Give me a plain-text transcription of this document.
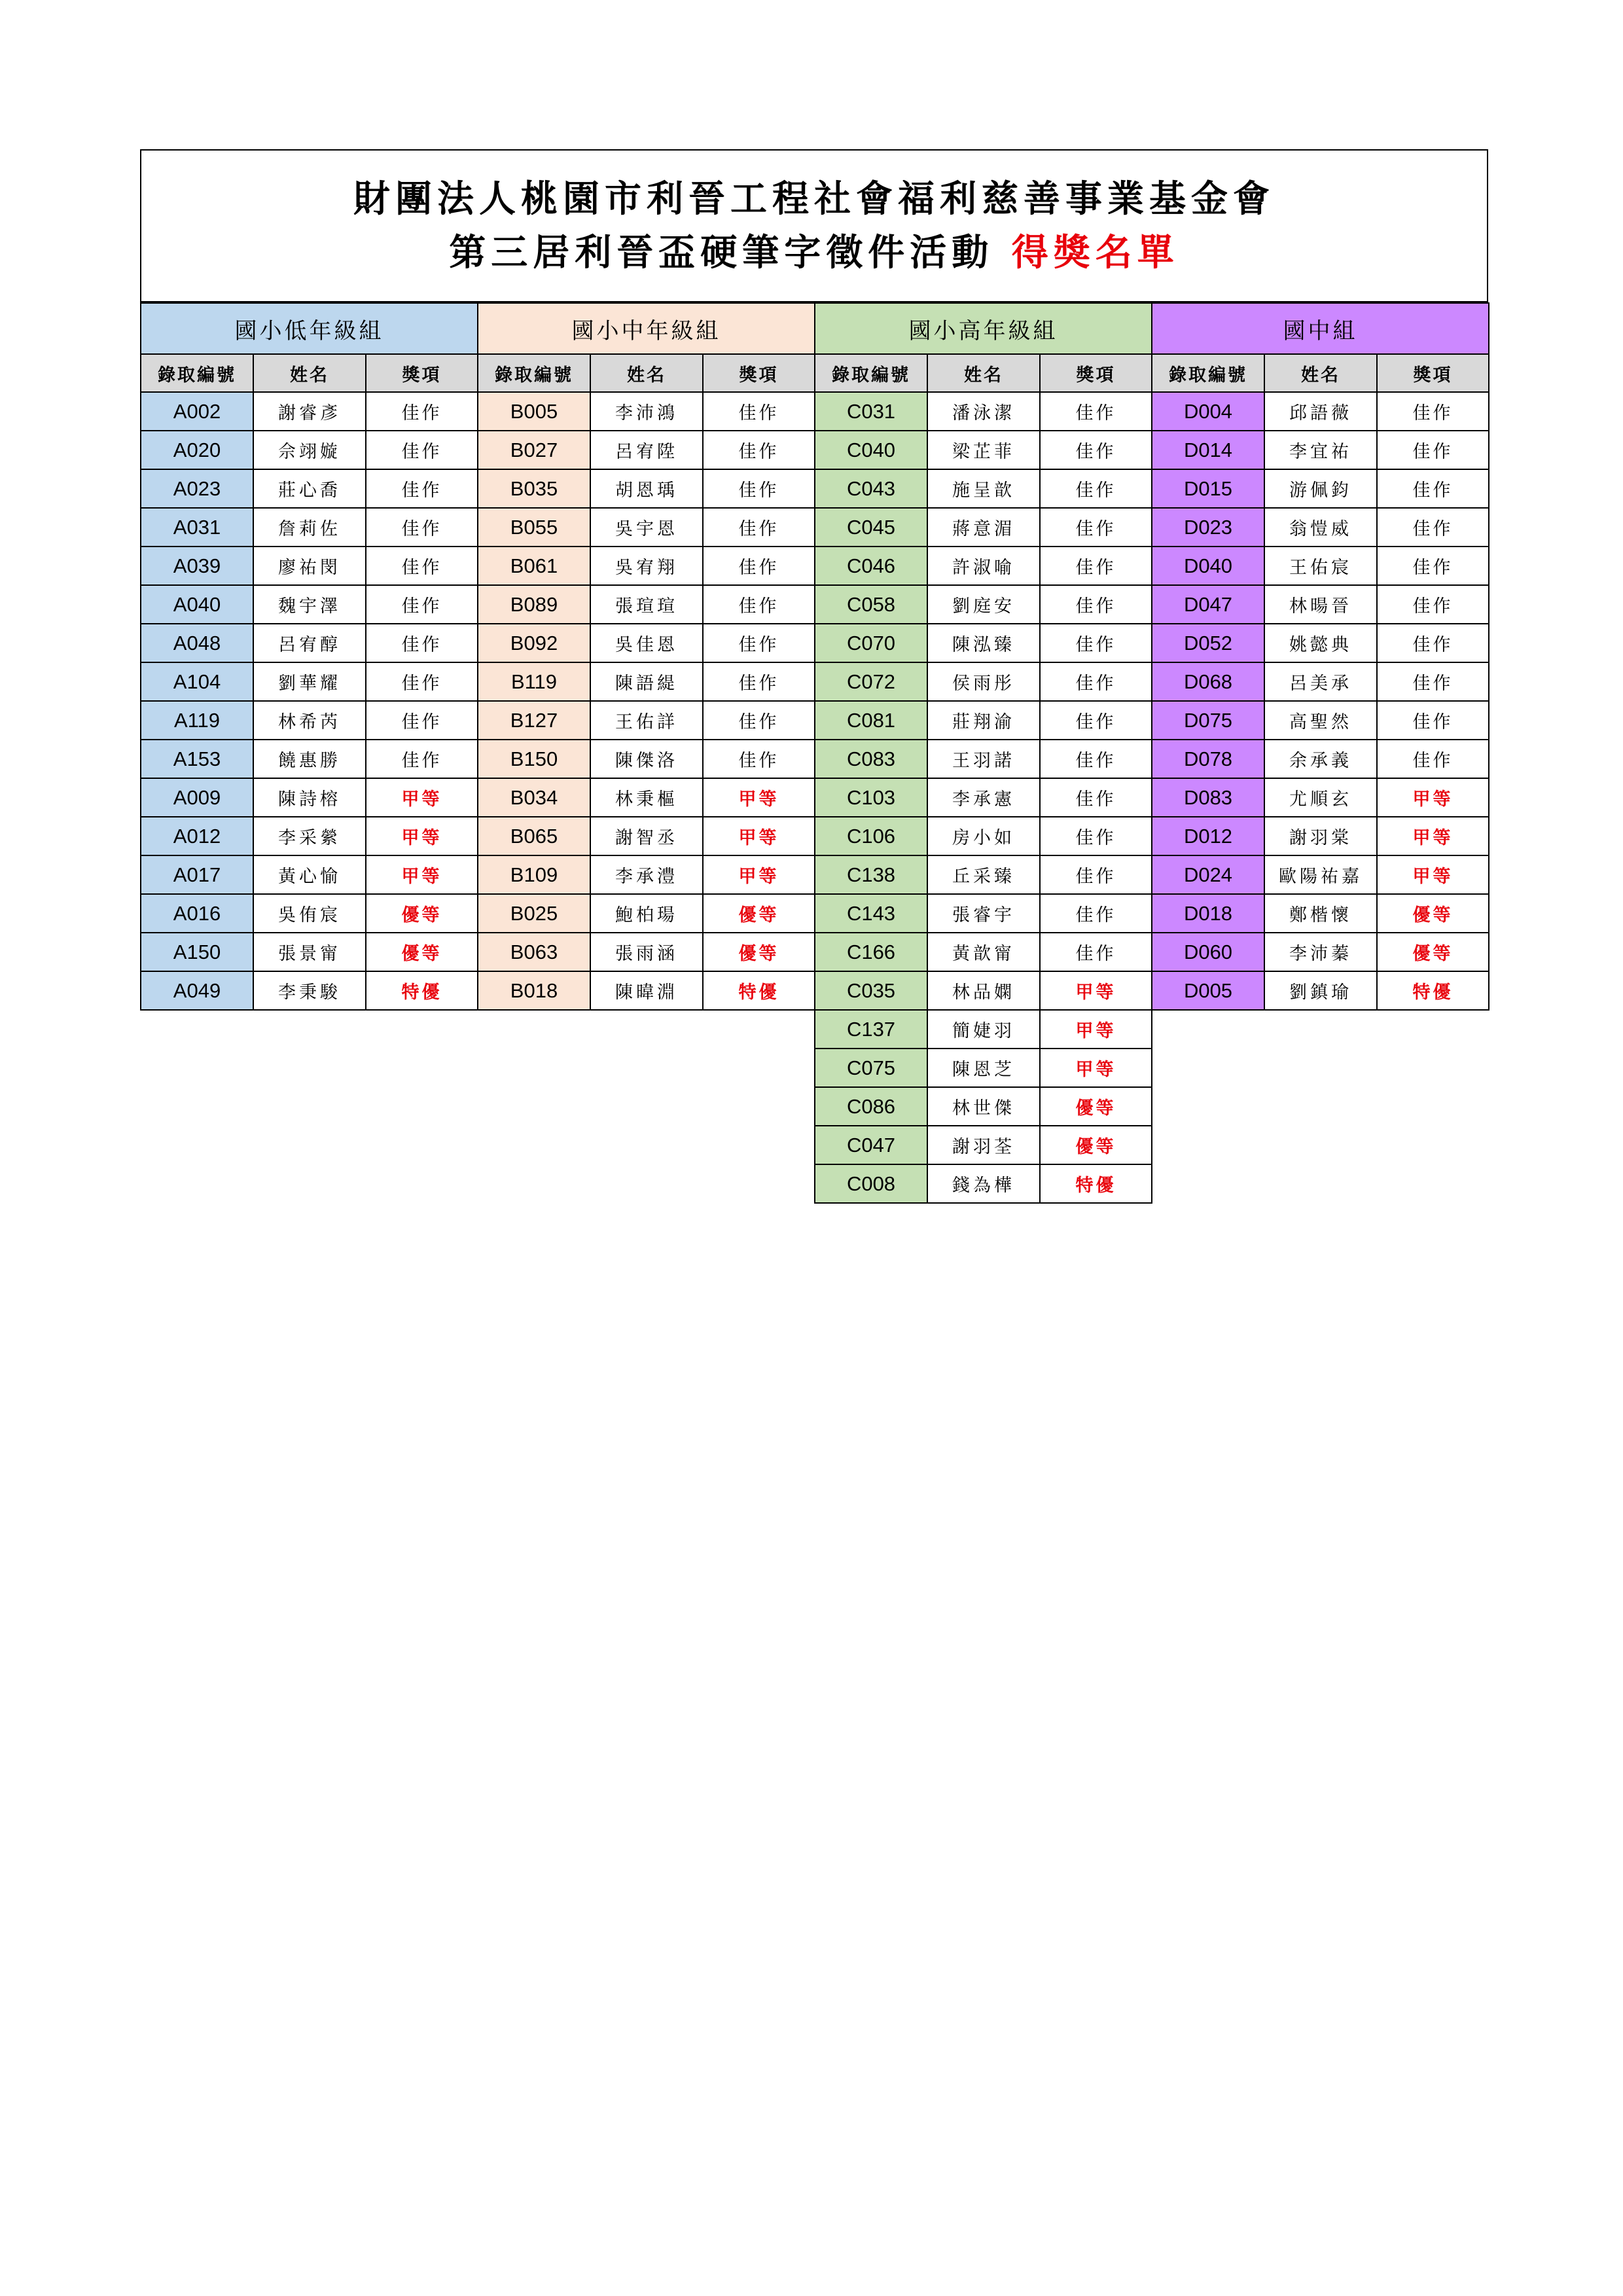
財團法人桃園市利晉工程社會福利慈善事業基金會
第三居利晉盃硬筆字徵件活動 得獎名單
國小低年級組		
錄取編號	姓名	獎項
A002	謝睿彥	佳作
A020	佘翊嫙	佳作
A023	莊心喬	佳作
A031	詹莉佐	佳作
A039	廖祐閔	佳作
A040	魏宇澤	佳作
A048	呂宥醇	佳作
A104	劉華耀	佳作
A119	林希芮	佳作
A153	饒惠勝	佳作
A009	陳詩榕	甲等
A012	李采縈	甲等
A017	黃心愉	甲等
A016	吳侑宸	優等
A150	張景甯	優等
A049	李秉駿	特優
國小中年級組		
錄取編號	姓名	獎項
B005	李沛鴻	佳作
B027	呂宥陞	佳作
B035	胡恩瑀	佳作
B055	吳宇恩	佳作
B061	吳宥翔	佳作
B089	張瑄瑄	佳作
B092	吳佳恩	佳作
B119	陳語緹	佳作
B127	王佑詳	佳作
B150	陳傑洛	佳作
B034	林秉樞	甲等
B065	謝智丞	甲等
B109	李承澧	甲等
B025	鮑柏瑒	優等
B063	張雨涵	優等
B018	陳暐淵	特優
國小高年級組		
錄取編號	姓名	獎項
C031	潘泳潔	佳作
C040	梁芷菲	佳作
C043	施呈歆	佳作
C045	蔣意湄	佳作
C046	許淑喻	佳作
C058	劉庭安	佳作
C070	陳泓臻	佳作
C072	侯雨彤	佳作
C081	莊翔渝	佳作
C083	王羽諾	佳作
C103	李承憲	佳作
C106	房小如	佳作
C138	丘采臻	佳作
C143	張睿宇	佳作
C166	黃歆甯	佳作
C035	林品嫻	甲等
C137	簡婕羽	甲等
C075	陳恩芝	甲等
C086	林世傑	優等
C047	謝羽荃	優等
C008	錢為樺	特優
國中組		
錄取編號	姓名	獎項
D004	邱語薇	佳作
D014	李宜祐	佳作
D015	游佩鈞	佳作
D023	翁愷威	佳作
D040	王佑宸	佳作
D047	林暘晉	佳作
D052	姚懿典	佳作
D068	呂美承	佳作
D075	高聖然	佳作
D078	余承義	佳作
D083	尤順玄	甲等
D012	謝羽棠	甲等
D024	歐陽祐嘉	甲等
D018	鄭楷懷	優等
D060	李沛蓁	優等
D005	劉鎮瑜	特優
